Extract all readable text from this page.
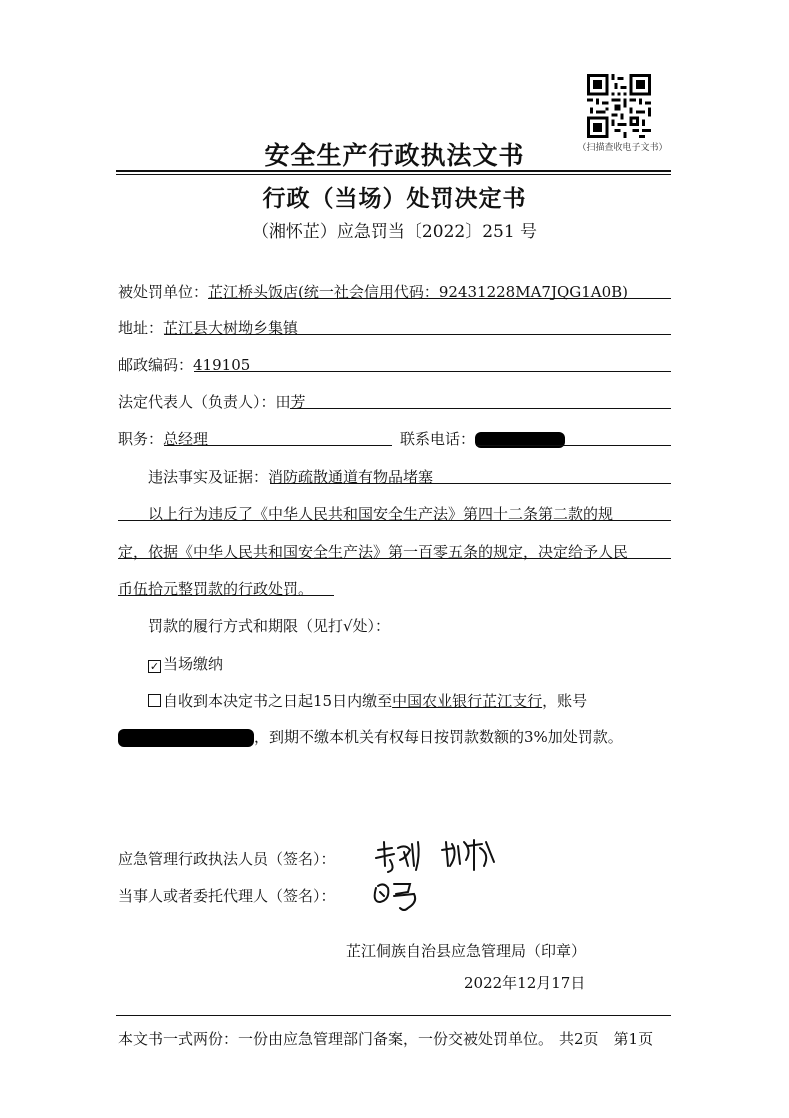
（扫描查收电子文书）
安全生产行政执法文书
行政（当场）处罚决定书
（湘怀芷）应急罚当〔2022〕251 号
被处罚单位：芷江桥头饭店(统一社会信用代码：92431228MA7JQG1A0B)
地址：芷江县大树坳乡集镇
邮政编码：419105
法定代表人（负责人）：田芳
职务：总经理	联系电话：
违法事实及证据：消防疏散通道有物品堵塞
以上行为违反了《中华人民共和国安全生产法》第四十二条第二款的规
定，依据《中华人民共和国安全生产法》第一百零五条的规定，决定给予人民
币伍拾元整罚款的行政处罚。
罚款的履行方式和期限（见打√处）：
✓ 当场缴纳
自收到本决定书之日起15日内缴至中国农业银行芷江支行，账号
，到期不缴本机关有权每日按罚款数额的3%加处罚款。
应急管理行政执法人员（签名）：
当事人或者委托代理人（签名）：
芷江侗族自治县应急管理局（印章）
2022年12月17日
本文书一式两份：一份由应急管理部门备案，一份交被处罚单位。 共2页　第1页
